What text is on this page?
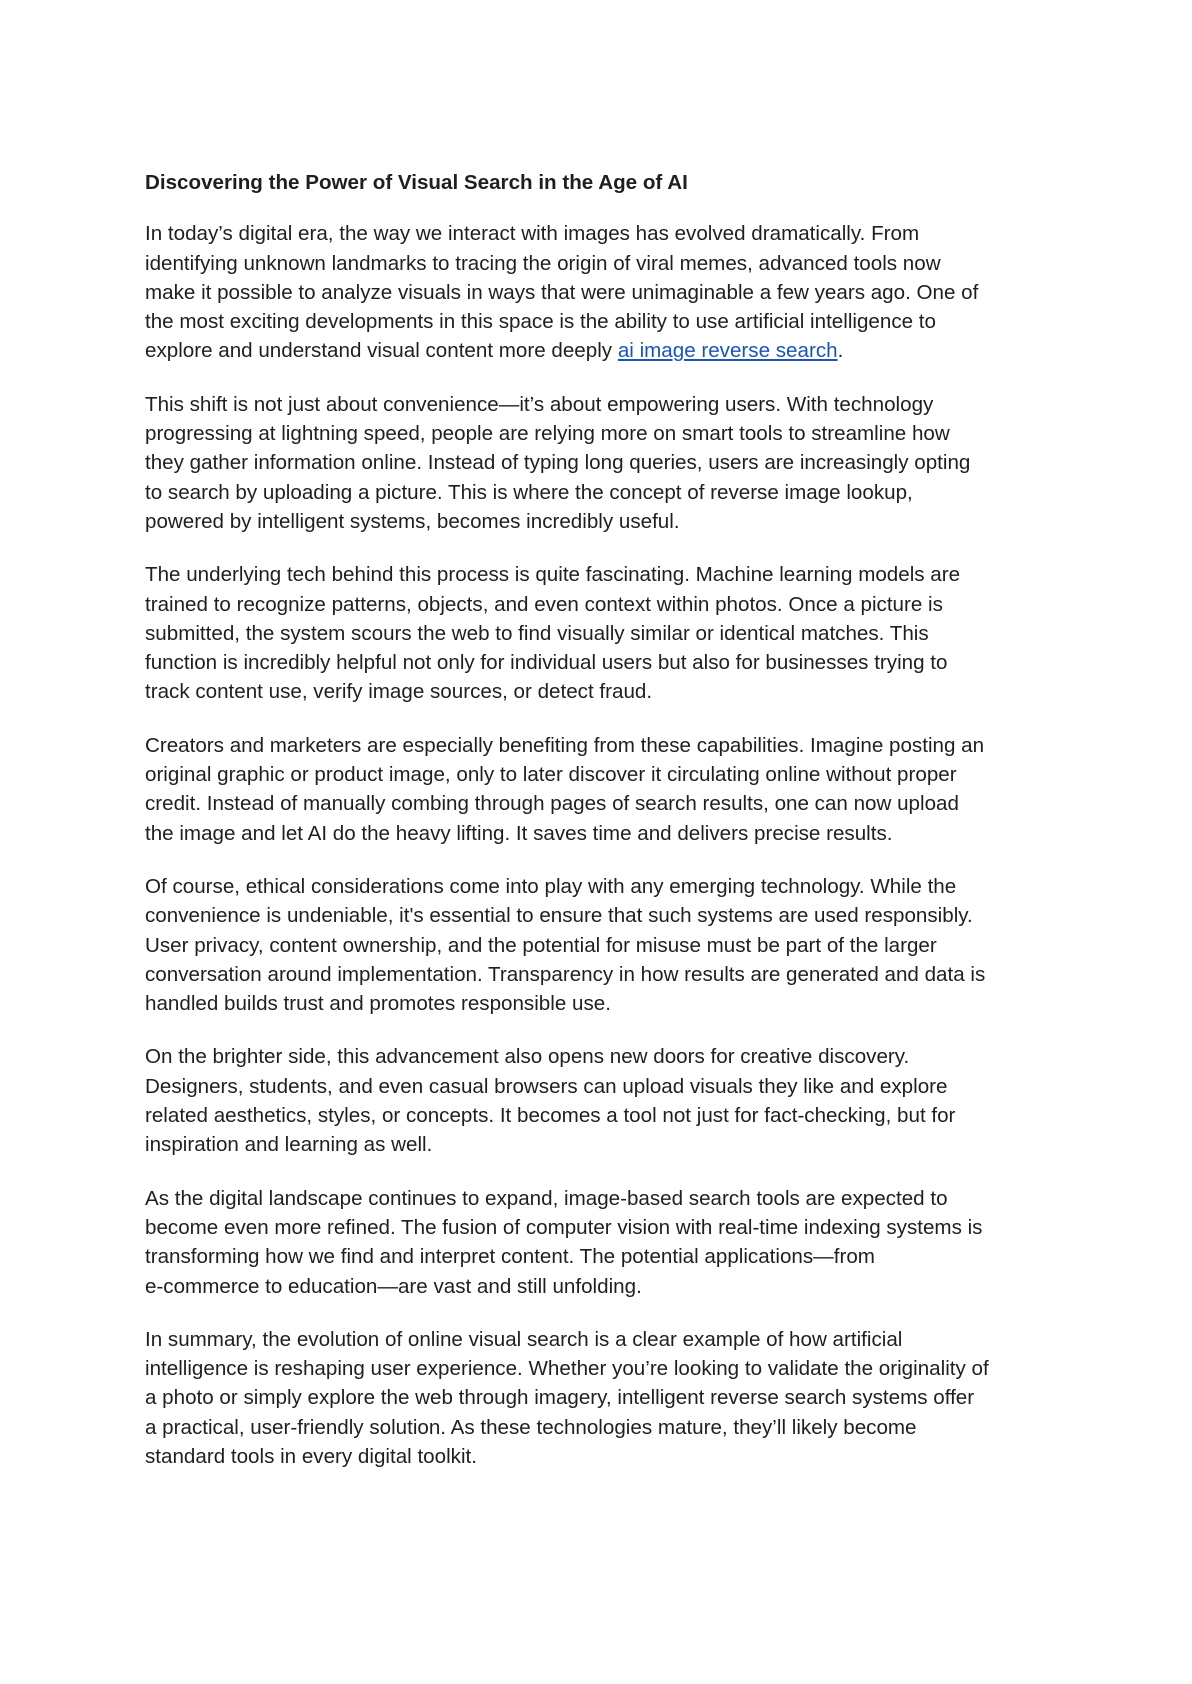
Discovering the Power of Visual Search in the Age of AI
In today’s digital era, the way we interact with images has evolved dramatically. From
identifying unknown landmarks to tracing the origin of viral memes, advanced tools now
make it possible to analyze visuals in ways that were unimaginable a few years ago. One of
the most exciting developments in this space is the ability to use artificial intelligence to
explore and understand visual content more deeply ai image reverse search.
This shift is not just about convenience—it’s about empowering users. With technology
progressing at lightning speed, people are relying more on smart tools to streamline how
they gather information online. Instead of typing long queries, users are increasingly opting
to search by uploading a picture. This is where the concept of reverse image lookup,
powered by intelligent systems, becomes incredibly useful.
The underlying tech behind this process is quite fascinating. Machine learning models are
trained to recognize patterns, objects, and even context within photos. Once a picture is
submitted, the system scours the web to find visually similar or identical matches. This
function is incredibly helpful not only for individual users but also for businesses trying to
track content use, verify image sources, or detect fraud.
Creators and marketers are especially benefiting from these capabilities. Imagine posting an
original graphic or product image, only to later discover it circulating online without proper
credit. Instead of manually combing through pages of search results, one can now upload
the image and let AI do the heavy lifting. It saves time and delivers precise results.
Of course, ethical considerations come into play with any emerging technology. While the
convenience is undeniable, it's essential to ensure that such systems are used responsibly.
User privacy, content ownership, and the potential for misuse must be part of the larger
conversation around implementation. Transparency in how results are generated and data is
handled builds trust and promotes responsible use.
On the brighter side, this advancement also opens new doors for creative discovery.
Designers, students, and even casual browsers can upload visuals they like and explore
related aesthetics, styles, or concepts. It becomes a tool not just for fact-checking, but for
inspiration and learning as well.
As the digital landscape continues to expand, image-based search tools are expected to
become even more refined. The fusion of computer vision with real-time indexing systems is
transforming how we find and interpret content. The potential applications—from
e-commerce to education—are vast and still unfolding.
In summary, the evolution of online visual search is a clear example of how artificial
intelligence is reshaping user experience. Whether you’re looking to validate the originality of
a photo or simply explore the web through imagery, intelligent reverse search systems offer
a practical, user-friendly solution. As these technologies mature, they’ll likely become
standard tools in every digital toolkit.
